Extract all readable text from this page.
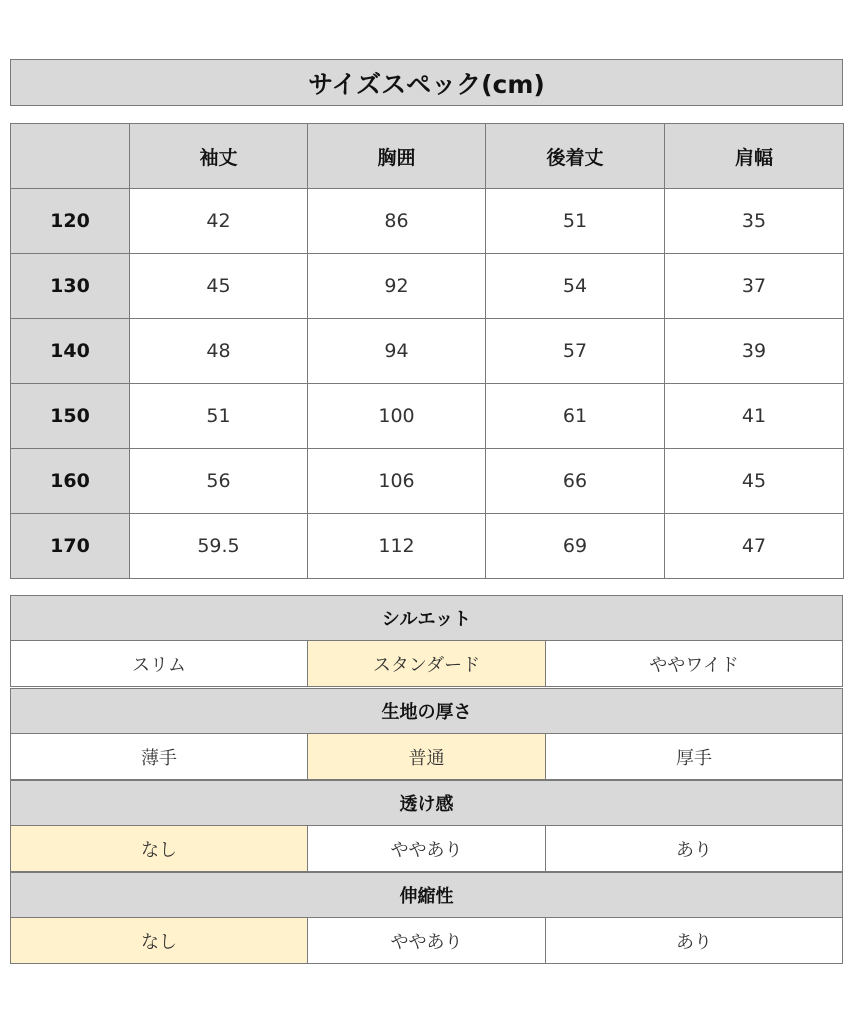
サイズスペック(cm)
	袖丈	胸囲	後着丈	肩幅
120	42	86	51	35
130	45	92	54	37
140	48	94	57	39
150	51	100	61	41
160	56	106	66	45
170	59.5	112	69	47
シルエット
スリム	スタンダード	ややワイド
生地の厚さ
薄手	普通	厚手
透け感
なし	ややあり	あり
伸縮性
なし	ややあり	あり
